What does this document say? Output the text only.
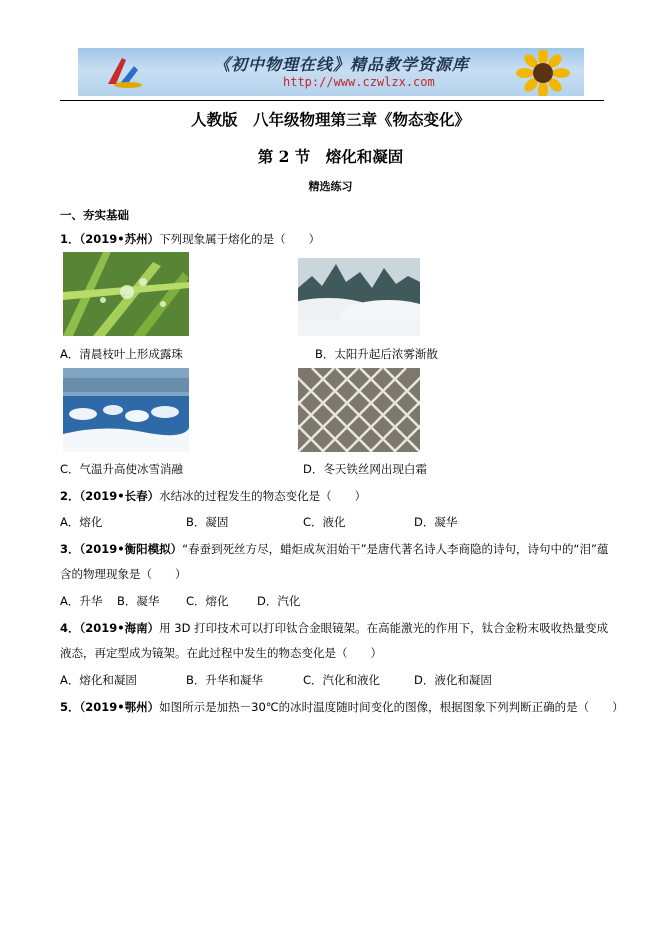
《初中物理在线》精品教学资源库
http://www.czwlzx.com
人教版　八年级物理第三章《物态变化》
第 2 节　熔化和凝固
精选练习
一、夯实基础
1．（2019•苏州）下列现象属于熔化的是（　　）
A．清晨枝叶上形成露珠	B．太阳升起后浓雾渐散
C．气温升高使冰雪消融	D．冬天铁丝网出现白霜
2．（2019•长春）水结冰的过程发生的物态变化是（　　）
A．熔化	B．凝固	C．液化	D．凝华
3．（2019•衡阳模拟）“春蚕到死丝方尽，蜡炬成灰泪始干”是唐代著名诗人李商隐的诗句，诗句中的“泪”蕴
含的物理现象是（　　）
A．升华 B．凝华 C．熔化 D．汽化
4．（2019•海南）用 3D 打印技术可以打印钛合金眼镜架。在高能激光的作用下，钛合金粉末吸收热量变成
液态，再定型成为镜架。在此过程中发生的物态变化是（　　）
A．熔化和凝固	B．升华和凝华	C．汽化和液化	D．液化和凝固
5．（2019•鄂州）如图所示是加热－30℃的冰时温度随时间变化的图像，根据图象下列判断正确的是（　　）
